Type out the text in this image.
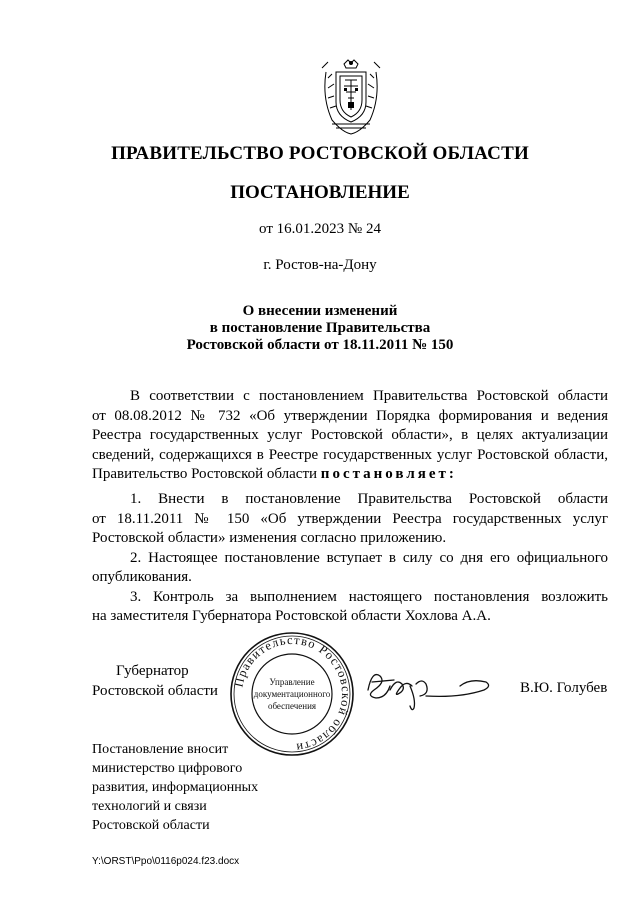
ПРАВИТЕЛЬСТВО РОСТОВСКОЙ ОБЛАСТИ
ПОСТАНОВЛЕНИЕ
от 16.01.2023 № 24
г. Ростов-на-Дону
О внесении изменений
в постановление Правительства
Ростовской области от 18.11.2011 № 150
В соответствии с постановлением Правительства Ростовской области
от 08.08.2012 № 732 «Об утверждении Порядка формирования и ведения
Реестра государственных услуг Ростовской области», в целях актуализации
сведений, содержащихся в Реестре государственных услуг Ростовской области,
Правительство Ростовской области постановляет:
1. Внести в постановление Правительства Ростовской области
от 18.11.2011 № 150 «Об утверждении Реестра государственных услуг
Ростовской области» изменения согласно приложению.
2. Настоящее постановление вступает в силу со дня его официального
опубликования.
3. Контроль за выполнением настоящего постановления возложить
на заместителя Губернатора Ростовской области Хохлова А.А.
Губернатор
Ростовской области
Правительство Ростовской области
Управление
документационного
обеспечения
В.Ю. Голубев
Постановление вносит
министерство цифрового
развития, информационных
технологий и связи
Ростовской области
Y:\ORST\Ppo\0116p024.f23.docx
